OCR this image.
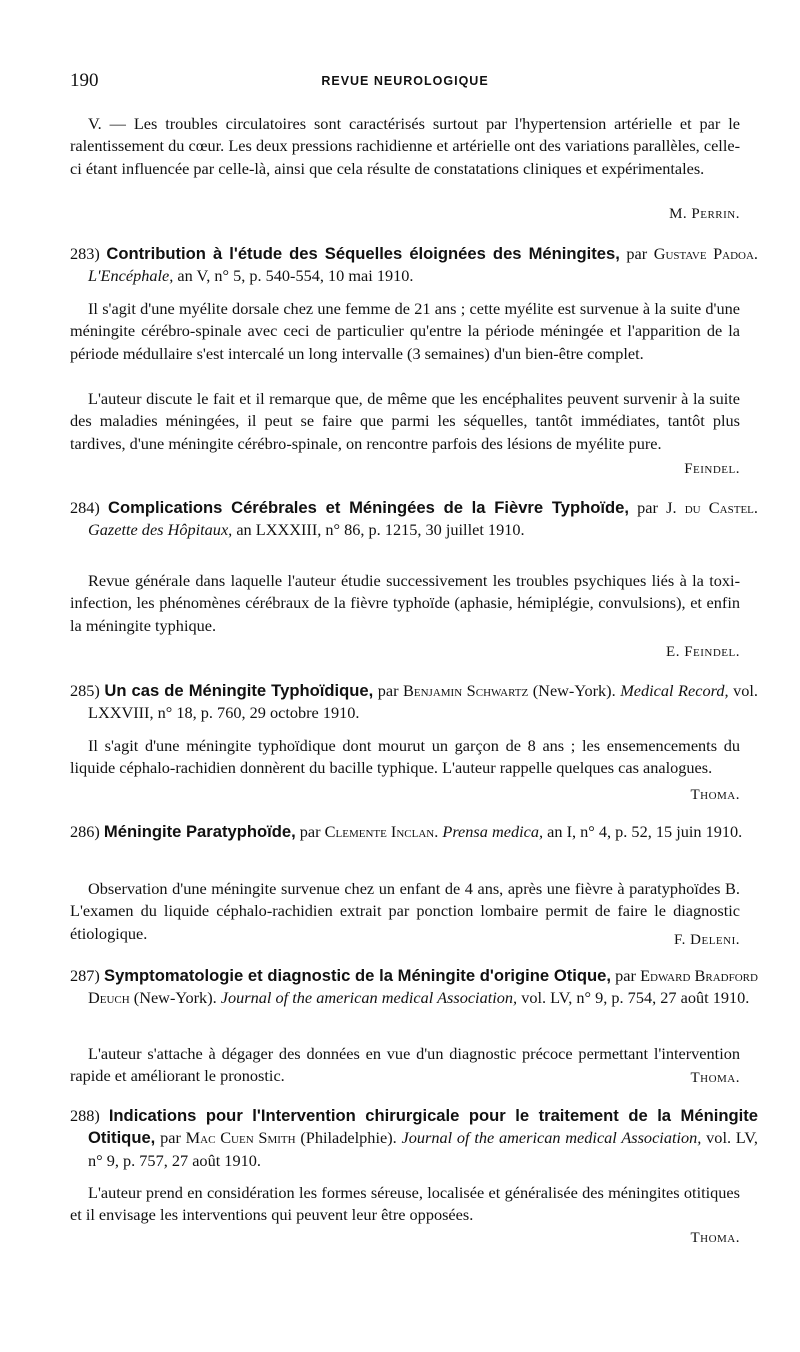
190	REVUE NEUROLOGIQUE

V. — Les troubles circulatoires sont caractérisés surtout par l'hypertension artérielle et par le ralentissement du cœur. Les deux pressions rachidienne et artérielle ont des variations parallèles, celle-ci étant influencée par celle-là, ainsi que cela résulte de constatations cliniques et expérimentales.

M. Perrin.

283) Contribution à l'étude des Séquelles éloignées des Méningites, par Gustave Padoa. L'Encéphale, an V, n° 5, p. 540-554, 10 mai 1910.

Il s'agit d'une myélite dorsale chez une femme de 21 ans ; cette myélite est survenue à la suite d'une méningite cérébro-spinale avec ceci de particulier qu'entre la période méningée et l'apparition de la période médullaire s'est intercalé un long intervalle (3 semaines) d'un bien-être complet.

L'auteur discute le fait et il remarque que, de même que les encéphalites peuvent survenir à la suite des maladies méningées, il peut se faire que parmi les séquelles, tantôt immédiates, tantôt plus tardives, d'une méningite cérébro-spinale, on rencontre parfois des lésions de myélite pure.

Feindel.

284) Complications Cérébrales et Méningées de la Fièvre Typhoïde, par J. du Castel. Gazette des Hôpitaux, an LXXXIII, n° 86, p. 1215, 30 juillet 1910.

Revue générale dans laquelle l'auteur étudie successivement les troubles psychiques liés à la toxi-infection, les phénomènes cérébraux de la fièvre typhoïde (aphasie, hémiplégie, convulsions), et enfin la méningite typhique.

E. Feindel.

285) Un cas de Méningite Typhoïdique, par Benjamin Schwartz (New-York). Medical Record, vol. LXXVIII, n° 18, p. 760, 29 octobre 1910.

Il s'agit d'une méningite typhoïdique dont mourut un garçon de 8 ans ; les ensemencements du liquide céphalo-rachidien donnèrent du bacille typhique. L'auteur rappelle quelques cas analogues.

Thoma.

286) Méningite Paratyphoïde, par Clemente Inclan. Prensa medica, an I, n° 4, p. 52, 15 juin 1910.

Observation d'une méningite survenue chez un enfant de 4 ans, après une fièvre à paratyphoïdes B. L'examen du liquide céphalo-rachidien extrait par ponction lombaire permit de faire le diagnostic étiologique.	F. Deleni.

287) Symptomatologie et diagnostic de la Méningite d'origine Otique, par Edward Bradford Deuch (New-York). Journal of the american medical Association, vol. LV, n° 9, p. 754, 27 août 1910.

L'auteur s'attache à dégager des données en vue d'un diagnostic précoce permettant l'intervention rapide et améliorant le pronostic.	Thoma.

288) Indications pour l'Intervention chirurgicale pour le traitement de la Méningite Otitique, par Mac Cuen Smith (Philadelphie). Journal of the american medical Association, vol. LV, n° 9, p. 757, 27 août 1910.

L'auteur prend en considération les formes séreuse, localisée et généralisée des méningites otitiques et il envisage les interventions qui peuvent leur être opposées.

Thoma.
